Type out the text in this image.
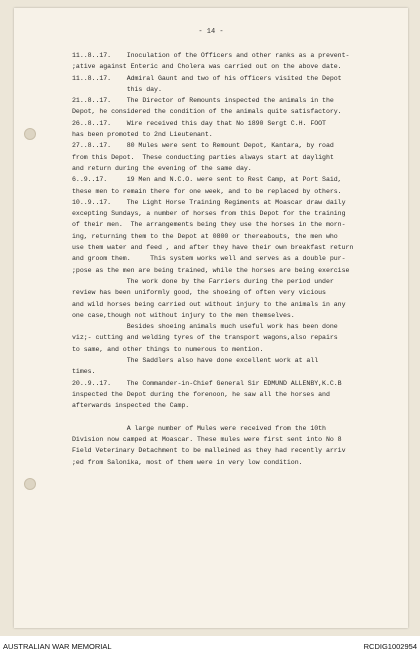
- 14 -
11..8..17.    Inoculation of the Officers and other ranks as a prevent-
;ative against Enteric and Cholera was carried out on the above date.
11..8..17.    Admiral Gaunt and two of his officers visited the Depot
this day.
21..8..17.    The Director of Remounts inspected the animals in the
Depot, he considered the condition of the animals quite satisfactory.
26..8..17.    Wire received this day that No 1890 Sergt C.H. FOOT
has been promoted to 2nd Lieutenant.
27..8..17.    80 Mules were sent to Remount Depot, Kantara, by road
from this Depot.  These conducting parties always start at daylight
and return during the evening of the same day.
6..9..17.     19 Men and N.C.O. were sent to Rest Camp, at Port Said,
these men to remain there for one week, and to be replaced by others.
10..9..17.    The Light Horse Training Regiments at Moascar draw daily
excepting Sundays, a number of horses from this Depot for the training
of their men.  The arrangements being they use the horses in the morn-
ing, returning them to the Depot at 0800 or thereabouts, the men who
use them water and feed , and after they have their own breakfast return
and groom them.     This system works well and serves as a double pur-
;pose as the men are being trained, while the horses are being exercise
The work done by the Farriers during the period under
review has been uniformly good, the shoeing of often very vicious
and wild horses being carried out without injury to the animals in any
one case,though not without injury to the men themselves.
Besides shoeing animals much useful work has been done
viz;- cutting and welding tyres of the transport wagons,also repairs
to same, and other things to numerous to mention.
The Saddlers also have done excellent work at all
times.
20..9..17.    The Commander-in-Chief General Sir EDMUND ALLENBY,K.C.B
inspected the Depot during the forenoon, he saw all the horses and
afterwards inspected the Camp.
A large number of Mules were received from the 10th
Division now camped at Moascar. These mules were first sent into No 8
Field Veterinary Detachment to be malleined as they had recently arriv
;ed from Salonika, most of them were in very low condition.
AUSTRALIAN WAR MEMORIAL	RCDIG1002954
